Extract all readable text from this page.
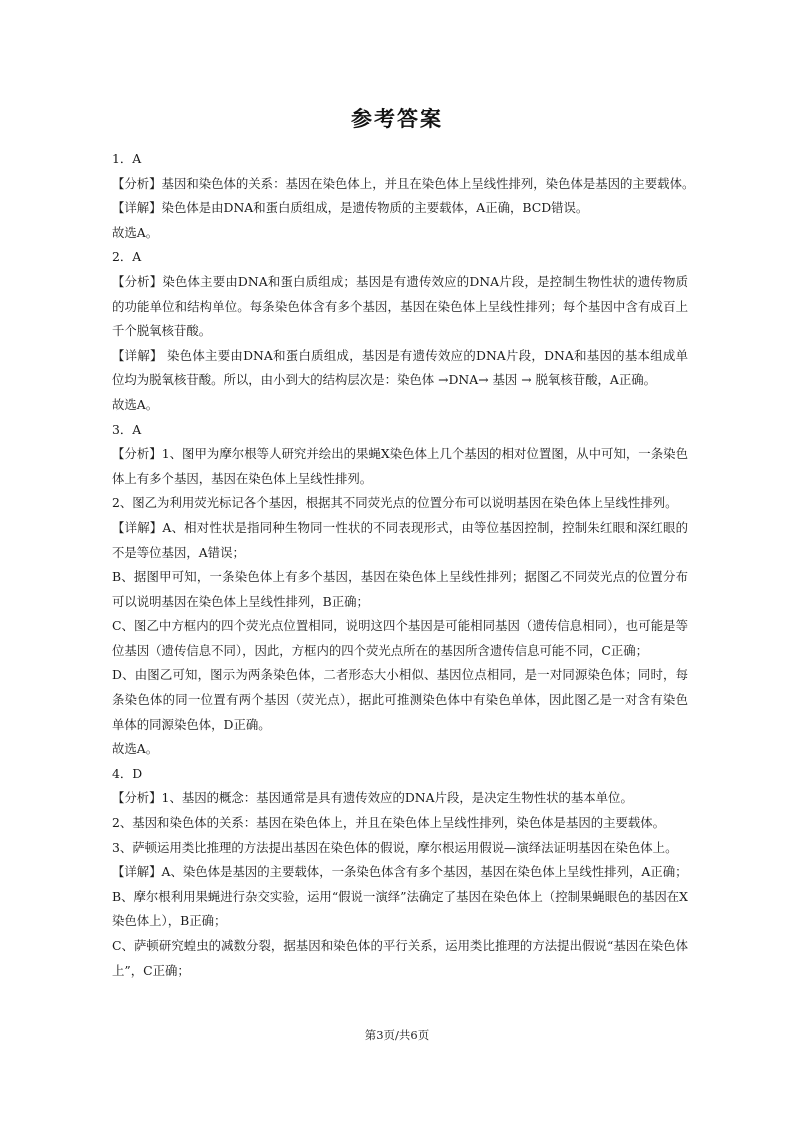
参考答案
1．A
【分析】基因和染色体的关系：基因在染色体上，并且在染色体上呈线性排列，染色体是基因的主要载体。
【详解】染色体是由DNA和蛋白质组成，是遗传物质的主要载体，A正确，BCD错误。
故选A。
2．A
【分析】染色体主要由DNA和蛋白质组成；基因是有遗传效应的DNA片段，是控制生物性状的遗传物质的功能单位和结构单位。每条染色体含有多个基因，基因在染色体上呈线性排列；每个基因中含有成百上千个脱氧核苷酸。
【详解】 染色体主要由DNA和蛋白质组成，基因是有遗传效应的DNA片段，DNA和基因的基本组成单位均为脱氧核苷酸。所以，由小到大的结构层次是：染色体 →DNA→ 基因 → 脱氧核苷酸，A正确。
故选A。
3．A
【分析】1、图甲为摩尔根等人研究并绘出的果蝇X染色体上几个基因的相对位置图，从中可知，一条染色体上有多个基因，基因在染色体上呈线性排列。
2、图乙为利用荧光标记各个基因，根据其不同荧光点的位置分布可以说明基因在染色体上呈线性排列。
【详解】A、相对性状是指同种生物同一性状的不同表现形式，由等位基因控制，控制朱红眼和深红眼的不是等位基因，A错误；
B、据图甲可知，一条染色体上有多个基因，基因在染色体上呈线性排列；据图乙不同荧光点的位置分布可以说明基因在染色体上呈线性排列，B正确；
C、图乙中方框内的四个荧光点位置相同，说明这四个基因是可能相同基因（遗传信息相同），也可能是等位基因（遗传信息不同），因此，方框内的四个荧光点所在的基因所含遗传信息可能不同，C正确；
D、由图乙可知，图示为两条染色体，二者形态大小相似、基因位点相同，是一对同源染色体；同时，每条染色体的同一位置有两个基因（荧光点），据此可推测染色体中有染色单体，因此图乙是一对含有染色单体的同源染色体，D正确。
故选A。
4．D
【分析】1、基因的概念：基因通常是具有遗传效应的DNA片段，是决定生物性状的基本单位。
2、基因和染色体的关系：基因在染色体上，并且在染色体上呈线性排列，染色体是基因的主要载体。
3、萨顿运用类比推理的方法提出基因在染色体的假说，摩尔根运用假说—演绎法证明基因在染色体上。
【详解】A、染色体是基因的主要载体，一条染色体含有多个基因，基因在染色体上呈线性排列，A正确；
B、摩尔根利用果蝇进行杂交实验，运用“假说一演绎”法确定了基因在染色体上（控制果蝇眼色的基因在X染色体上），B正确；
C、萨顿研究蝗虫的减数分裂，据基因和染色体的平行关系，运用类比推理的方法提出假说“基因在染色体上”，C正确；
第3页/共6页
